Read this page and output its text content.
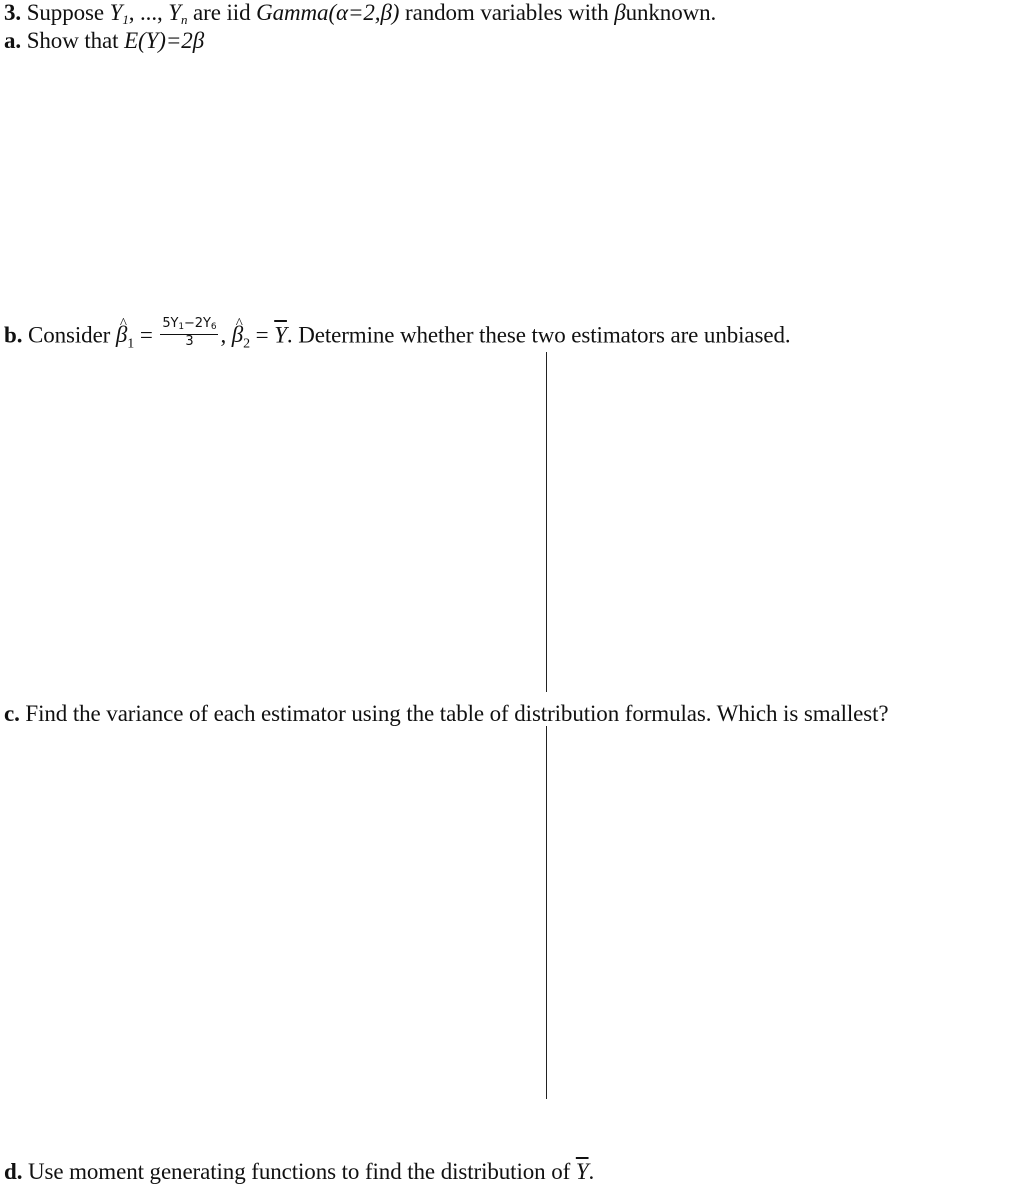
3. Suppose $Y_1$, ..., $Y_n$ are iid Gamma(α=2,β) random variables with βunknown.
a. Show that E(Y)=2β
b. Consider ^ $\beta_1 = \frac{5Y1-2Y6}{3}$ , ^ $\beta_2 = \overline{Y}$. Determine whether these two estimators are unbiased.
c. Find the variance of each estimator using the table of distribution formulas. Which is smallest?
d. Use moment generating functions to find the distribution of $\overline{Y}$.
